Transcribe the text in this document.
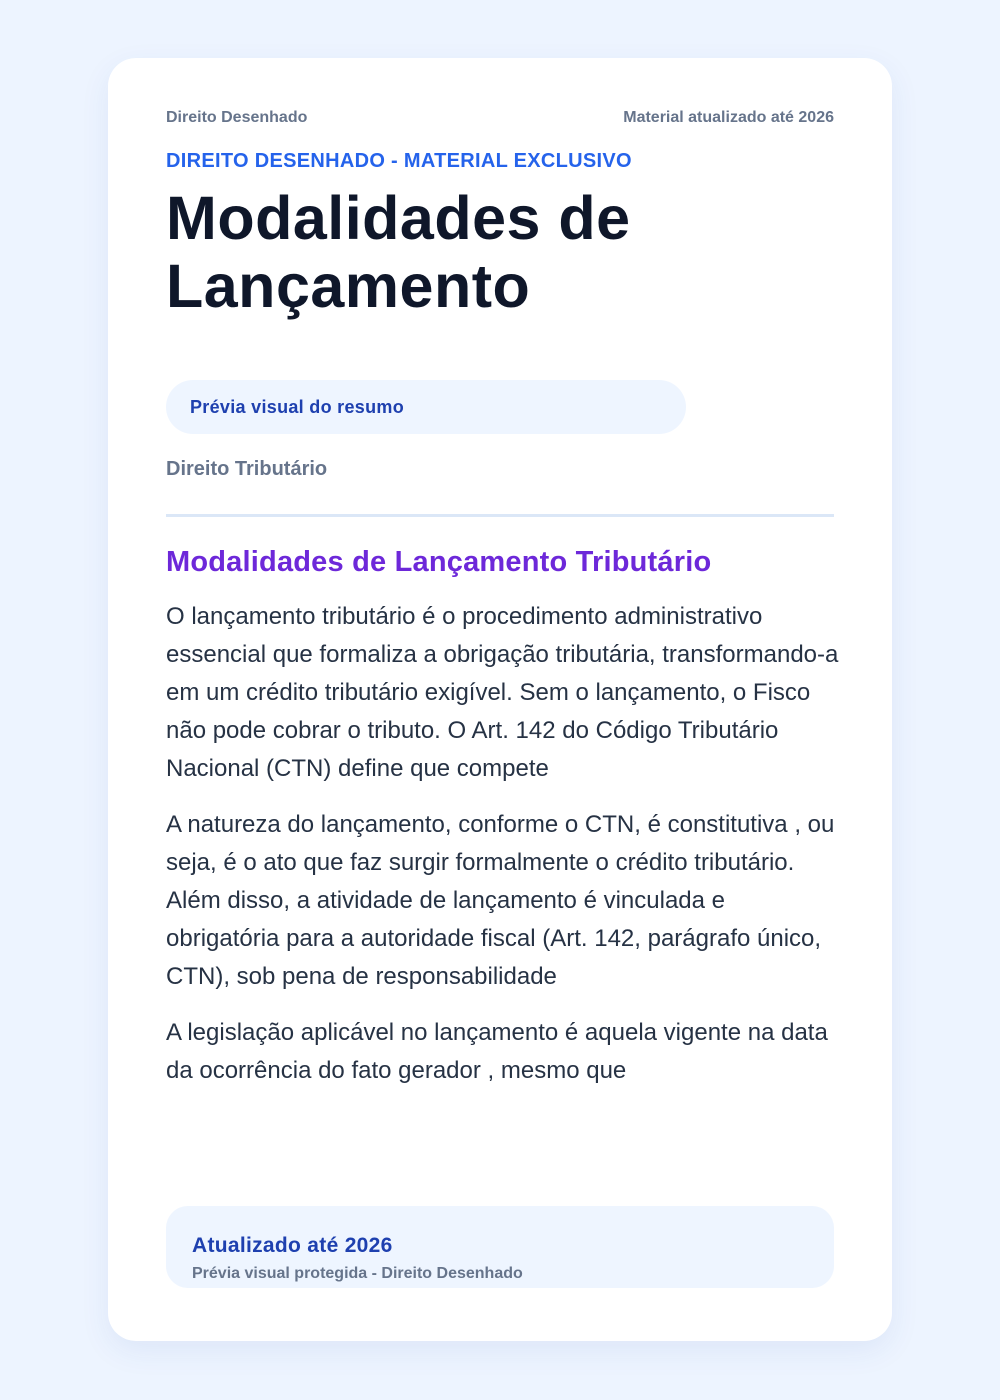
Direito Desenhado	Material atualizado até 2026
DIREITO DESENHADO - MATERIAL EXCLUSIVO
Modalidades de Lançamento
Prévia visual do resumo
Direito Tributário
Modalidades de Lançamento Tributário

O lançamento tributário é o procedimento administrativo essencial que formaliza a obrigação tributária, transformando-a em um crédito tributário exigível. Sem o lançamento, o Fisco não pode cobrar o tributo. O Art. 142 do Código Tributário Nacional (CTN) define que compete

A natureza do lançamento, conforme o CTN, é constitutiva , ou seja, é o ato que faz surgir formalmente o crédito tributário. Além disso, a atividade de lançamento é vinculada e obrigatória para a autoridade fiscal (Art. 142, parágrafo único, CTN), sob pena de responsabilidade

A legislação aplicável no lançamento é aquela vigente na data da ocorrência do fato gerador , mesmo que

Atualizado até 2026
Prévia visual protegida - Direito Desenhado
